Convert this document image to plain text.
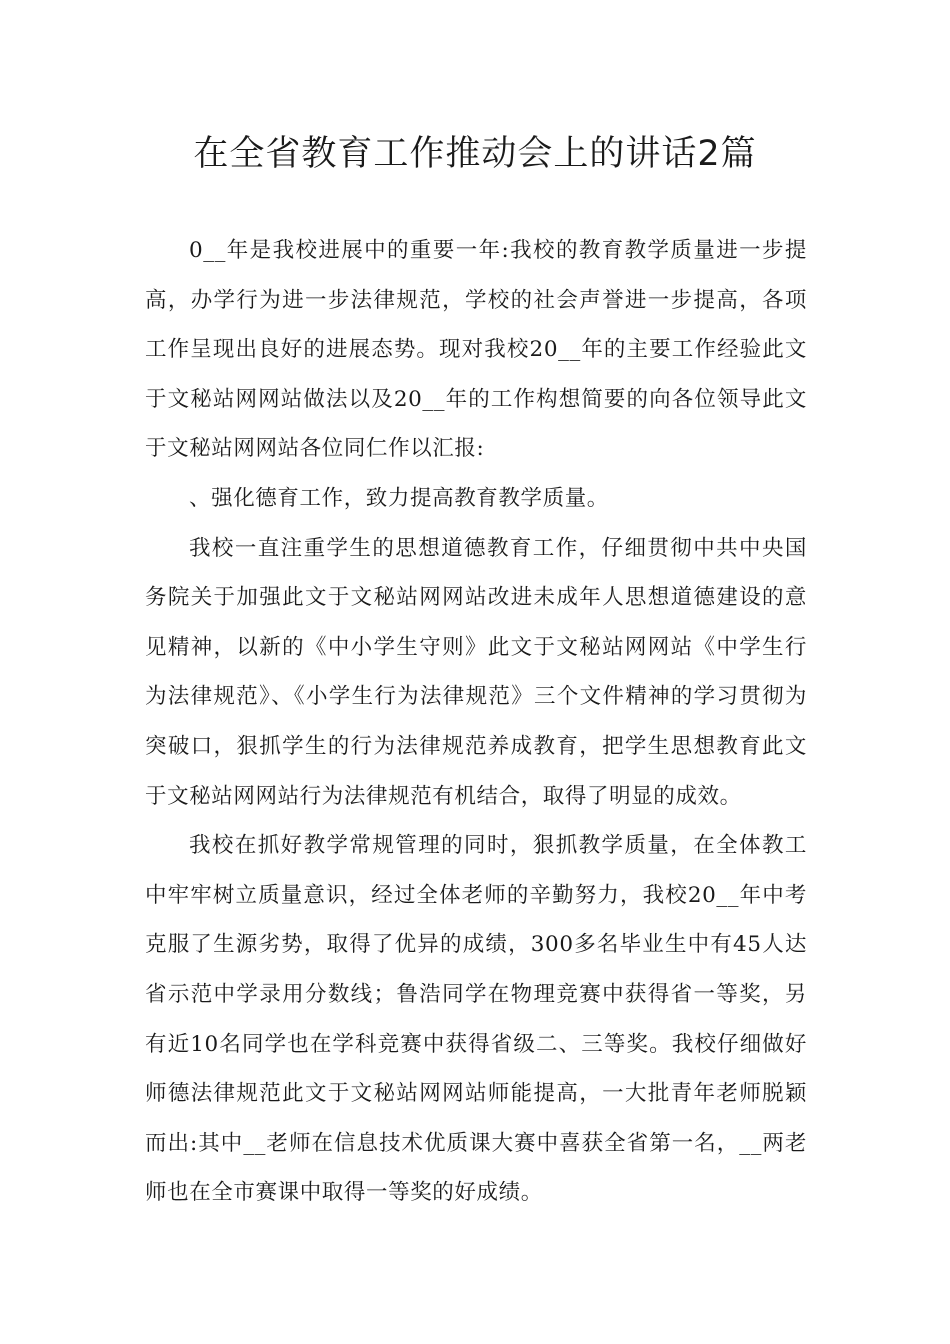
在全省教育工作推动会上的讲话2篇

0__年是我校进展中的重要一年:我校的教育教学质量进一步提高，办学行为进一步法律规范，学校的社会声誉进一步提高，各项工作呈现出良好的进展态势。现对我校20__年的主要工作经验此文于文秘站网网站做法以及20__年的工作构想简要的向各位领导此文于文秘站网网站各位同仁作以汇报:

、强化德育工作，致力提高教育教学质量。

我校一直注重学生的思想道德教育工作，仔细贯彻中共中央国务院关于加强此文于文秘站网网站改进未成年人思想道德建设的意见精神，以新的《中小学生守则》此文于文秘站网网站《中学生行为法律规范》、《小学生行为法律规范》三个文件精神的学习贯彻为突破口，狠抓学生的行为法律规范养成教育，把学生思想教育此文于文秘站网网站行为法律规范有机结合，取得了明显的成效。

我校在抓好教学常规管理的同时，狠抓教学质量，在全体教工中牢牢树立质量意识，经过全体老师的辛勤努力，我校20__年中考克服了生源劣势，取得了优异的成绩，300多名毕业生中有45人达省示范中学录用分数线；鲁浩同学在物理竞赛中获得省一等奖，另有近10名同学也在学科竞赛中获得省级二、三等奖。我校仔细做好师德法律规范此文于文秘站网网站师能提高，一大批青年老师脱颖而出:其中__老师在信息技术优质课大赛中喜获全省第一名，__两老师也在全市赛课中取得一等奖的好成绩。
